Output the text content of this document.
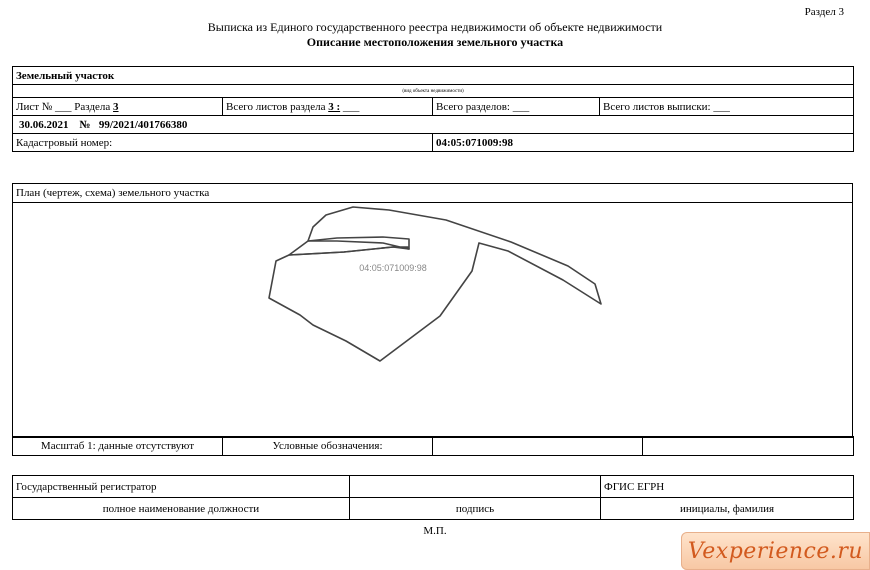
Раздел 3
Выписка из Единого государственного реестра недвижимости об объекте недвижимости
Описание местоположения земельного участка
Земельный участок			
(вид объекта недвижимости)			
Лист № ___ Раздела 3	Всего листов раздела 3 : ___	Всего разделов: ___	Всего листов выписки: ___
30.06.2021 № 99/2021/401766380			
Кадастровый номер:		04:05:071009:98	
План (чертеж, схема) земельного участка
04:05:071009:98
Масштаб 1: данные отсутствуют	Условные обозначения:		
Государственный регистратор		ФГИС ЕГРН
полное наименование должности	подпись	инициалы, фамилия
М.П.
Vexperience.ru
